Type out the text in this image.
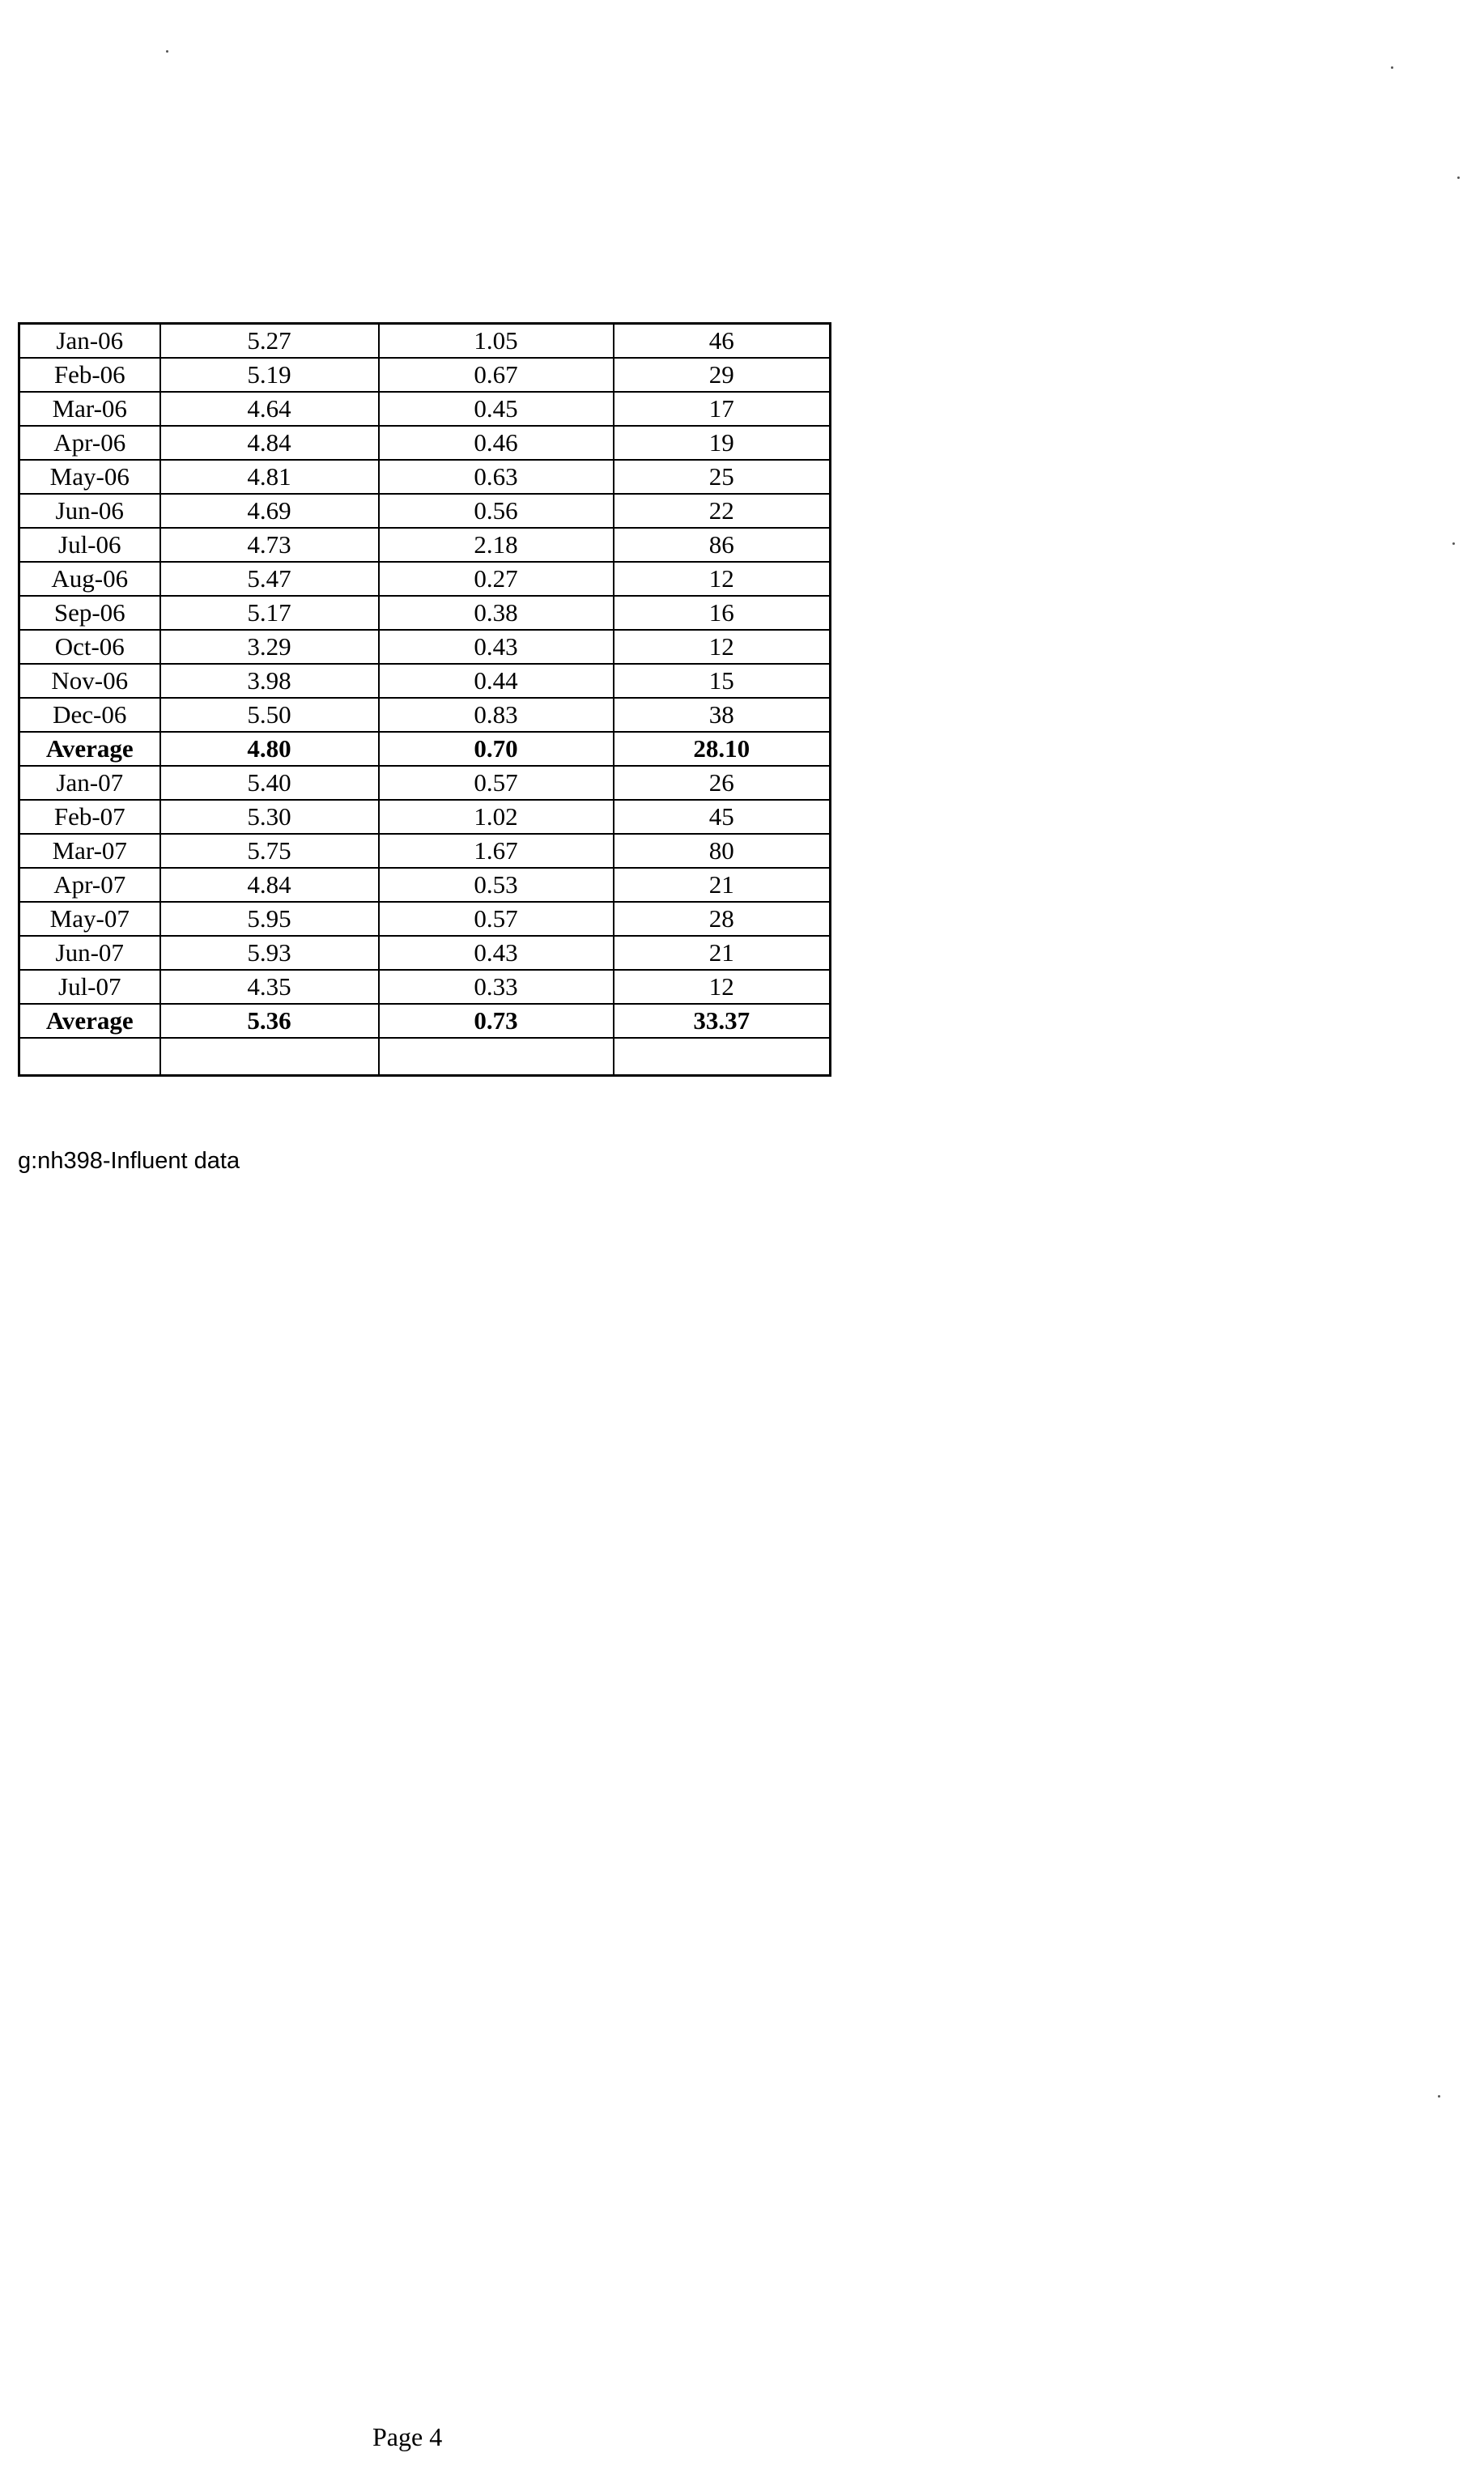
Jan-06	5.27	1.05	46
Feb-06	5.19	0.67	29
Mar-06	4.64	0.45	17
Apr-06	4.84	0.46	19
May-06	4.81	0.63	25
Jun-06	4.69	0.56	22
Jul-06	4.73	2.18	86
Aug-06	5.47	0.27	12
Sep-06	5.17	0.38	16
Oct-06	3.29	0.43	12
Nov-06	3.98	0.44	15
Dec-06	5.50	0.83	38
Average	4.80	0.70	28.10
Jan-07	5.40	0.57	26
Feb-07	5.30	1.02	45
Mar-07	5.75	1.67	80
Apr-07	4.84	0.53	21
May-07	5.95	0.57	28
Jun-07	5.93	0.43	21
Jul-07	4.35	0.33	12
Average	5.36	0.73	33.37

g:nh398-Influent data
Page 4
